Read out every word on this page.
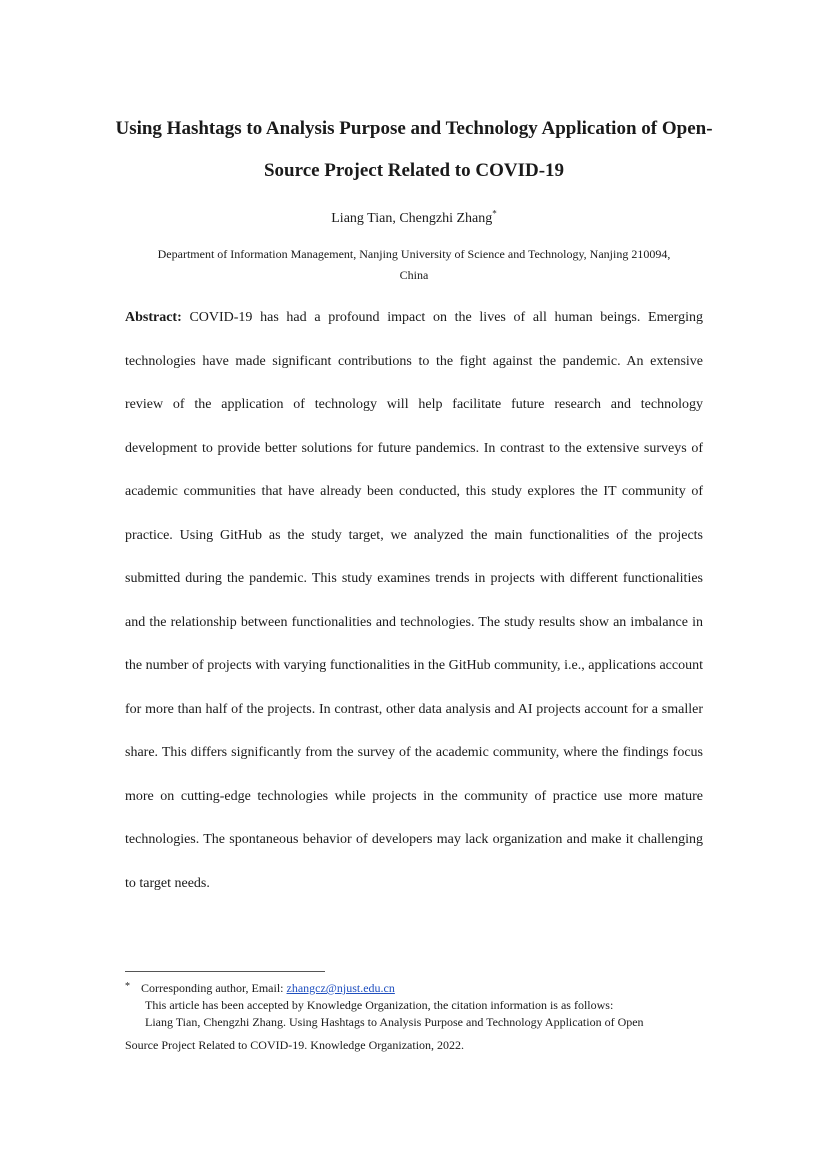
Using Hashtags to Analysis Purpose and Technology Application of Open-Source Project Related to COVID-19
Liang Tian, Chengzhi Zhang*
Department of Information Management, Nanjing University of Science and Technology, Nanjing 210094, China

Abstract: COVID-19 has had a profound impact on the lives of all human beings. Emerging technologies have made significant contributions to the fight against the pandemic. An extensive review of the application of technology will help facilitate future research and technology development to provide better solutions for future pandemics. In contrast to the extensive surveys of academic communities that have already been conducted, this study explores the IT community of practice. Using GitHub as the study target, we analyzed the main functionalities of the projects submitted during the pandemic. This study examines trends in projects with different functionalities and the relationship between functionalities and technologies. The study results show an imbalance in the number of projects with varying functionalities in the GitHub community, i.e., applications account for more than half of the projects. In contrast, other data analysis and AI projects account for a smaller share. This differs significantly from the survey of the academic community, where the findings focus more on cutting-edge technologies while projects in the community of practice use more mature technologies. The spontaneous behavior of developers may lack organization and make it challenging to target needs.

* Corresponding author, Email: zhangcz@njust.edu.cn
This article has been accepted by Knowledge Organization, the citation information is as follows:
Liang Tian, Chengzhi Zhang. Using Hashtags to Analysis Purpose and Technology Application of Open
Source Project Related to COVID-19. Knowledge Organization, 2022.
